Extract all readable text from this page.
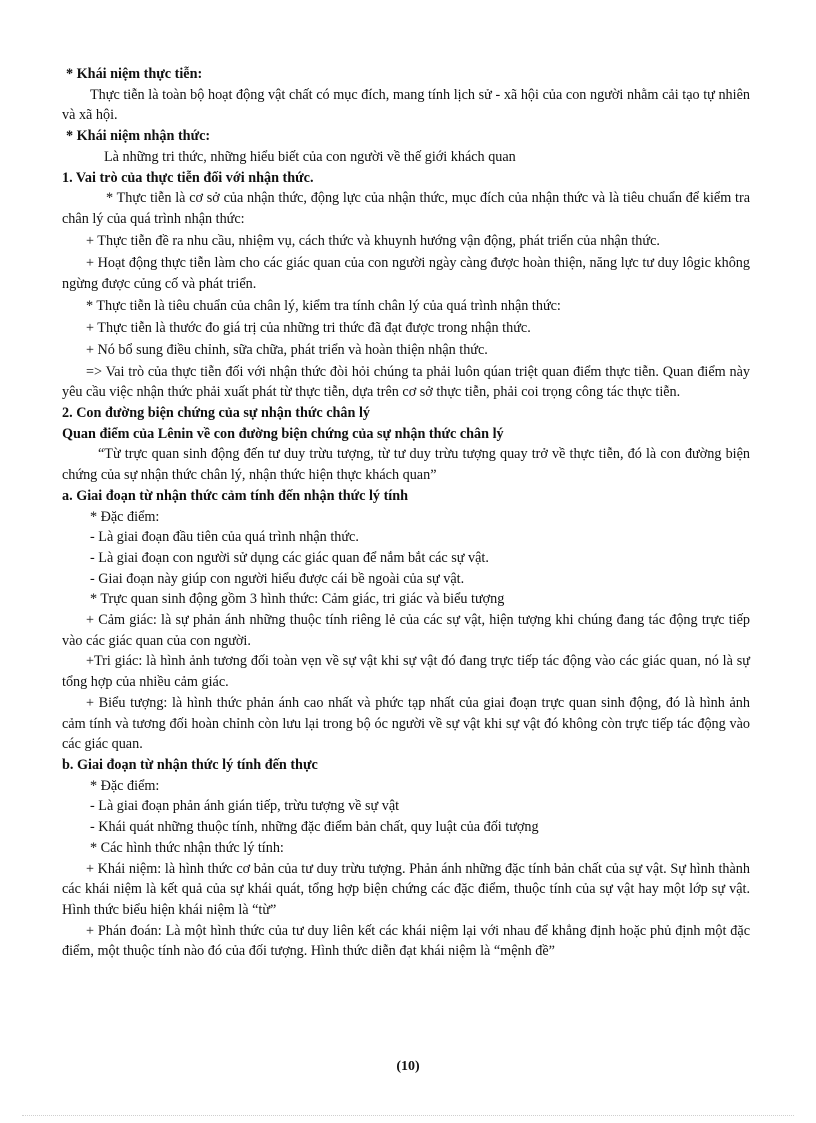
* Khái niệm thực tiễn:

Thực tiễn là toàn bộ hoạt động vật chất có mục đích, mang tính lịch sử - xã hội của con người nhằm cải tạo tự nhiên và xã hội.

* Khái niệm nhận thức:

Là những tri thức, những hiểu biết của con người về thế giới khách quan

1. Vai trò của thực tiễn đối với nhận thức.

* Thực tiễn là cơ sở của nhận thức, động lực của nhận thức, mục đích của nhận thức và là tiêu chuẩn để kiểm tra chân lý của quá trình nhận thức:

+ Thực tiễn đề ra nhu cầu, nhiệm vụ, cách thức và khuynh hướng vận động, phát triển của nhận thức.

+ Hoạt động thực tiễn làm cho các giác quan của con người ngày càng được hoàn thiện, năng lực tư duy lôgic không ngừng được củng cố và phát triển.

* Thực tiễn là tiêu chuẩn của chân lý, kiểm tra tính chân lý của quá trình nhận thức:

+ Thực tiễn là thước đo giá trị của những tri thức đã đạt được trong nhận thức.

+ Nó bổ sung điều chỉnh, sữa chữa, phát triển và hoàn thiện nhận thức.

=> Vai trò của thực tiễn đối với nhận thức đòi hỏi chúng ta phải luôn qúan triệt quan điểm thực tiễn. Quan điểm này yêu cầu việc nhận thức phải xuất phát từ thực tiễn, dựa trên cơ sở thực tiễn, phải coi trọng công tác thực tiễn.

2. Con đường biện chứng của sự nhận thức chân lý

Quan điểm của Lênin về con đường biện chứng của sự nhận thức chân lý

“Từ trực quan sinh động đến tư duy trừu tượng, từ tư duy trừu tượng quay trở về thực tiễn, đó là con đường biện chứng của sự nhận thức chân lý, nhận thức hiện thực khách quan”

a. Giai đoạn từ nhận thức cảm tính đến nhận thức lý tính

* Đặc điểm:

- Là giai đoạn đầu tiên của quá trình nhận thức.

- Là giai đoạn con người sử dụng các giác quan để nắm bắt các sự vật.

- Giai đoạn này giúp con người hiểu được cái bề ngoài của sự vật.

* Trực quan sinh động gồm 3 hình thức: Cảm giác, tri giác và biểu tượng

+ Cảm giác: là sự phản ánh những thuộc tính riêng lẻ của các sự vật, hiện tượng khi chúng đang tác động trực tiếp vào các giác quan của con người.

+Tri giác: là hình ảnh tương đối toàn vẹn về sự vật khi sự vật đó đang trực tiếp tác động vào các giác quan, nó là sự tổng hợp của nhiều cảm giác.

+ Biểu tượng: là hình thức phản ánh cao nhất và phức tạp nhất của giai đoạn trực quan sinh động, đó là hình ảnh cảm tính và tương đối hoàn chỉnh còn lưu lại trong bộ óc người về sự vật khi sự vật đó không còn trực tiếp tác động vào các giác quan.

b. Giai đoạn từ nhận thức lý tính đến thực

* Đặc điểm:

- Là giai đoạn phản ánh gián tiếp, trừu tượng về sự vật

- Khái quát những thuộc tính, những đặc điểm bản chất, quy luật của đối tượng

* Các hình thức nhận thức lý tính:

+ Khái niệm: là hình thức cơ bản của tư duy trừu tượng. Phản ánh những đặc tính bản chất của sự vật. Sự hình thành các khái niệm là kết quả của sự khái quát, tổng hợp biện chứng các đặc điểm, thuộc tính của sự vật hay một lớp sự vật. Hình thức biểu hiện khái niệm là “từ”

+ Phán đoán: Là một hình thức của tư duy liên kết các khái niệm lại với nhau để khẳng định hoặc phủ định một đặc điểm, một thuộc tính nào đó của đối tượng. Hình thức diễn đạt khái niệm là “mệnh đề”

(10)
